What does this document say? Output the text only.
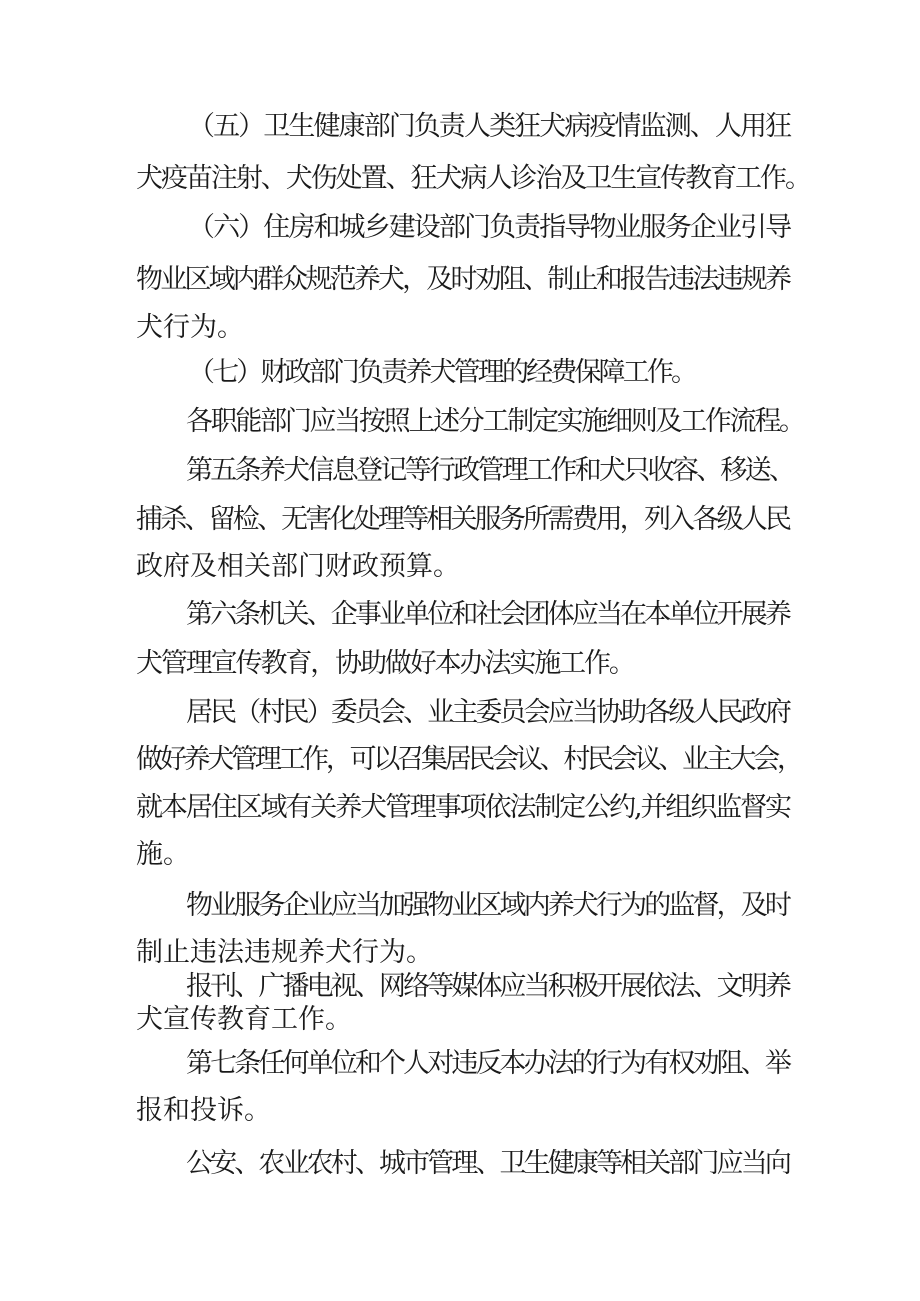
（五）卫生健康部门负责人类狂犬病疫情监测、人用狂
犬疫苗注射、犬伤处置、狂犬病人诊治及卫生宣传教育工作。
（六）住房和城乡建设部门负责指导物业服务企业引导
物业区域内群众规范养犬，及时劝阻、制止和报告违法违规养
犬行为。
（七）财政部门负责养犬管理的经费保障工作。
各职能部门应当按照上述分工制定实施细则及工作流程。
第五条养犬信息登记等行政管理工作和犬只收容、移送、
捕杀、留检、无害化处理等相关服务所需费用，列入各级人民
政府及相关部门财政预算。
第六条机关、企事业单位和社会团体应当在本单位开展养
犬管理宣传教育，协助做好本办法实施工作。
居民（村民）委员会、业主委员会应当协助各级人民政府
做好养犬管理工作，可以召集居民会议、村民会议、业主大会，
就本居住区域有关养犬管理事项依法制定公约,并组织监督实
施。
物业服务企业应当加强物业区域内养犬行为的监督，及时
制止违法违规养犬行为。
报刊、广播电视、网络等媒体应当积极开展依法、文明养
犬宣传教育工作。
第七条任何单位和个人对违反本办法的行为有权劝阻、举
报和投诉。
公安、农业农村、城市管理、卫生健康等相关部门应当向
